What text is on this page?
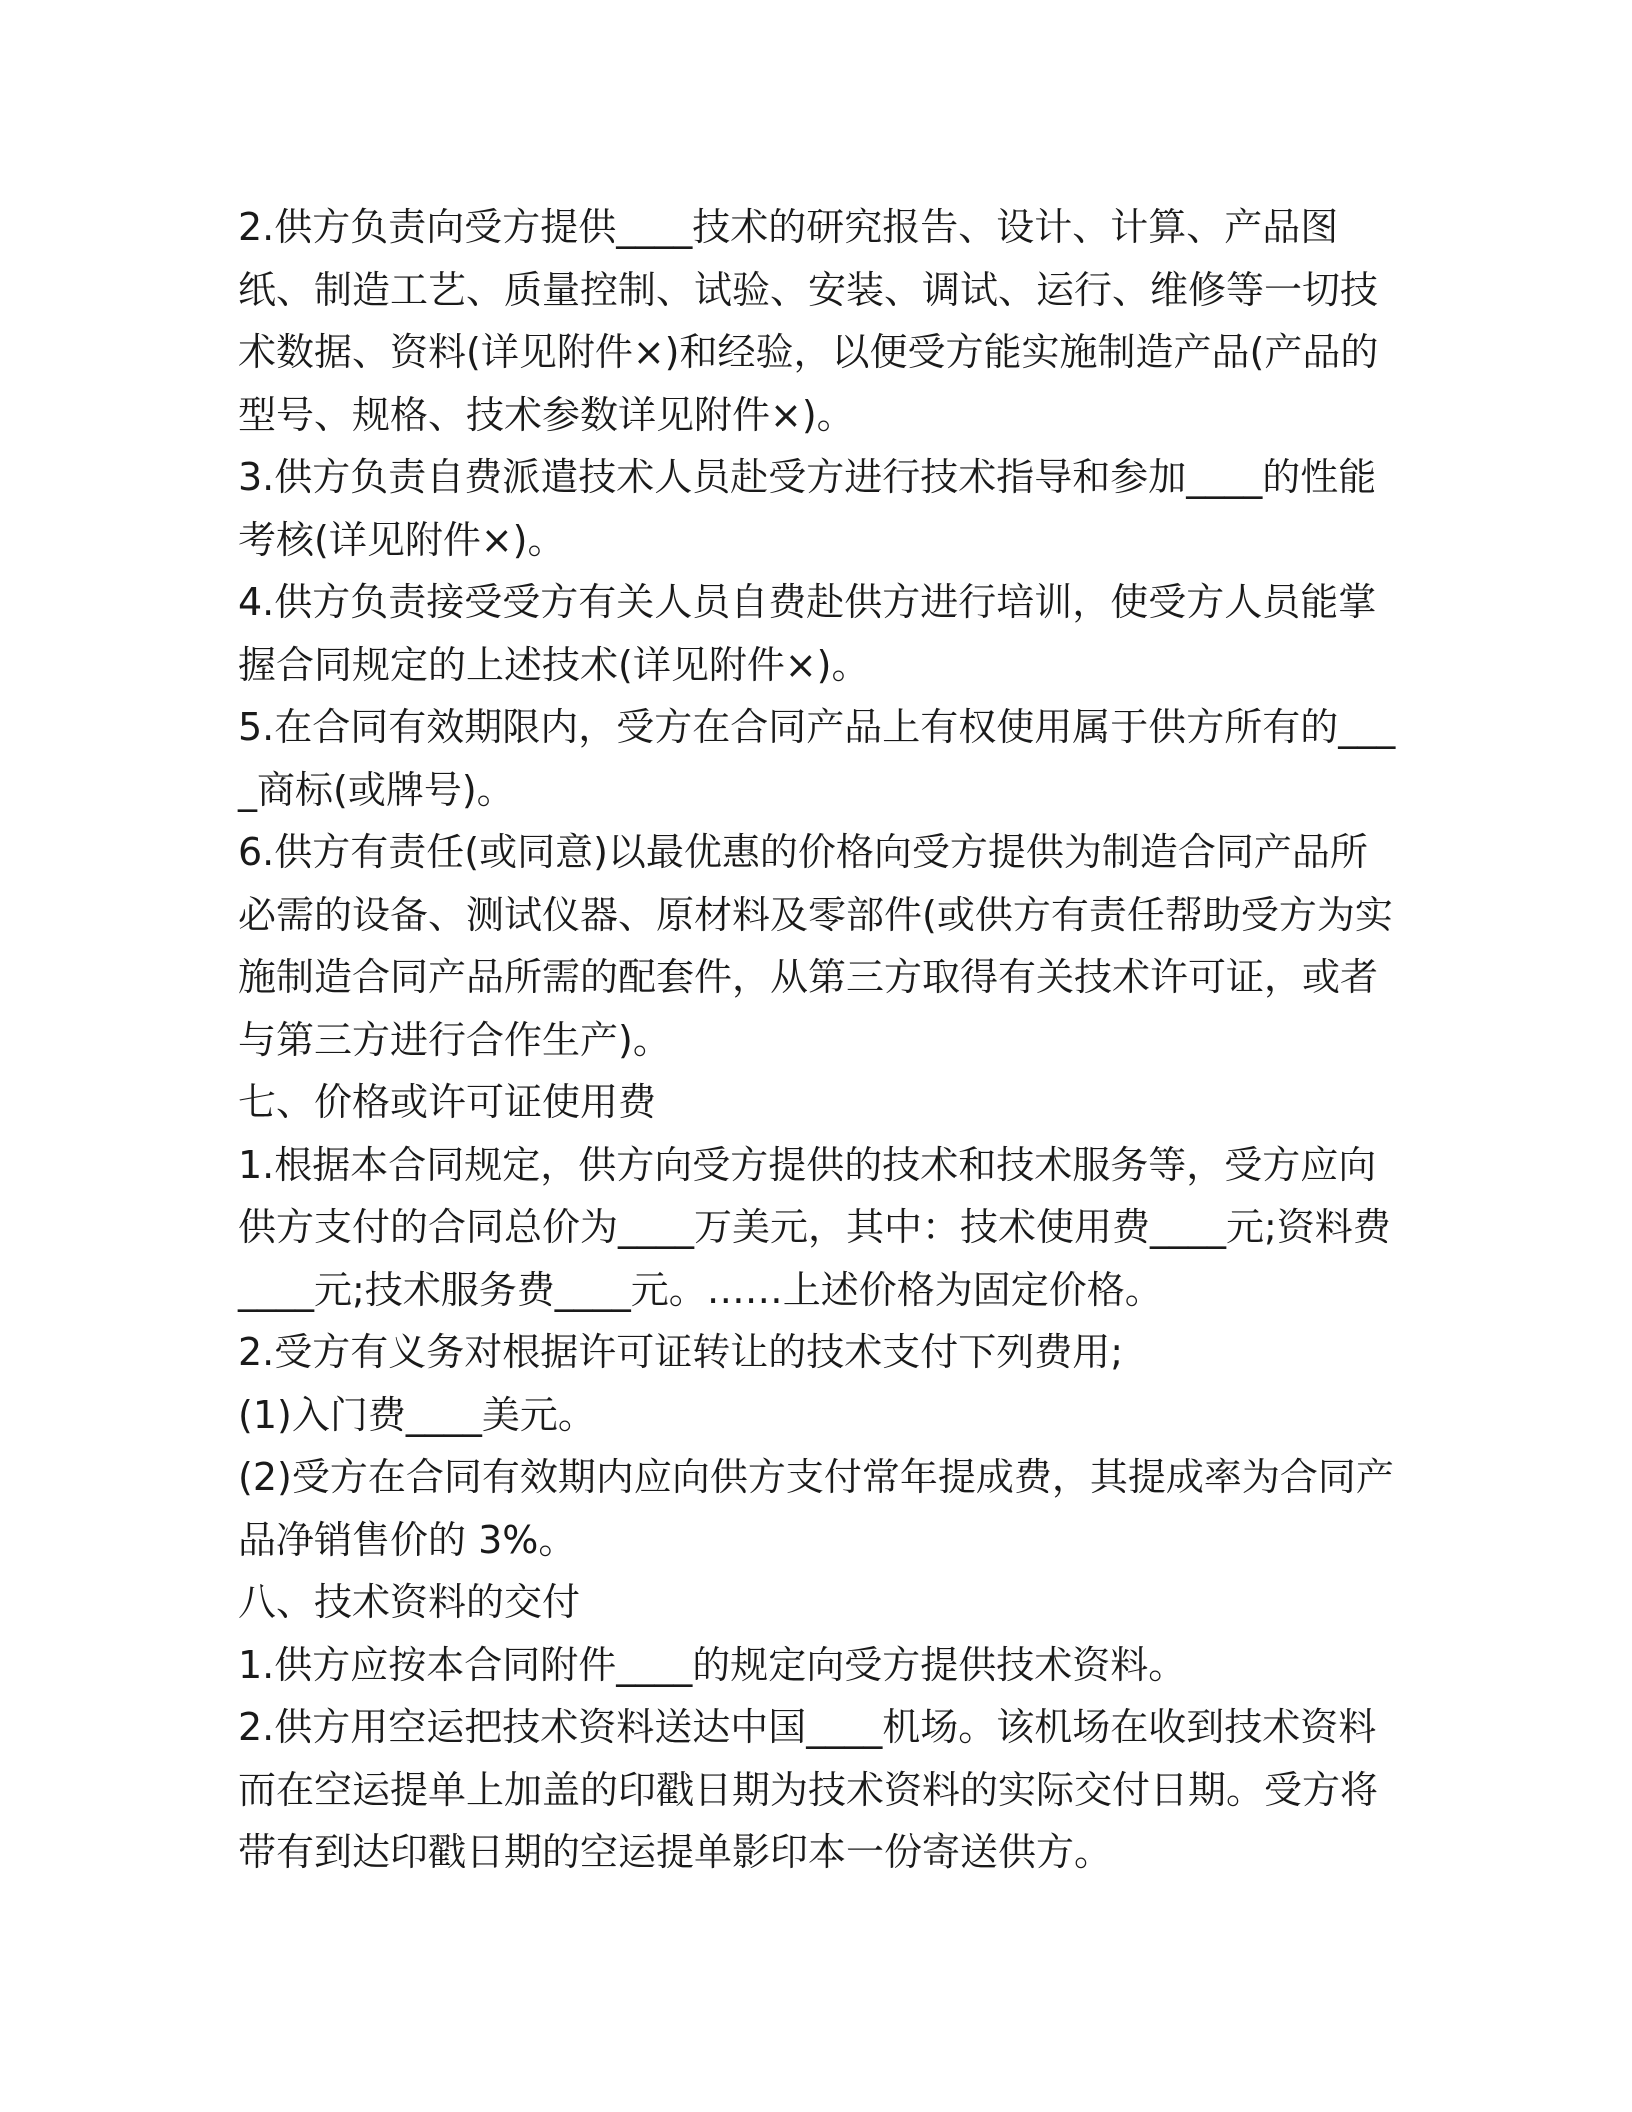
2.供方负责向受方提供____技术的研究报告、设计、计算、产品图纸、制造工艺、质量控制、试验、安装、调试、运行、维修等一切技术数据、资料(详见附件×)和经验，以便受方能实施制造产品(产品的型号、规格、技术参数详见附件×)。

3.供方负责自费派遣技术人员赴受方进行技术指导和参加____的性能考核(详见附件×)。

4.供方负责接受受方有关人员自费赴供方进行培训，使受方人员能掌握合同规定的上述技术(详见附件×)。

5.在合同有效期限内，受方在合同产品上有权使用属于供方所有的____商标(或牌号)。

6.供方有责任(或同意)以最优惠的价格向受方提供为制造合同产品所必需的设备、测试仪器、原材料及零部件(或供方有责任帮助受方为实施制造合同产品所需的配套件，从第三方取得有关技术许可证，或者与第三方进行合作生产)。

七、价格或许可证使用费

1.根据本合同规定，供方向受方提供的技术和技术服务等，受方应向供方支付的合同总价为____万美元，其中：技术使用费____元;资料费____元;技术服务费____元。……上述价格为固定价格。

2.受方有义务对根据许可证转让的技术支付下列费用;

(1)入门费____美元。

(2)受方在合同有效期内应向供方支付常年提成费，其提成率为合同产品净销售价的 3%。

八、技术资料的交付

1.供方应按本合同附件____的规定向受方提供技术资料。

2.供方用空运把技术资料送达中国____机场。该机场在收到技术资料而在空运提单上加盖的印戳日期为技术资料的实际交付日期。受方将带有到达印戳日期的空运提单影印本一份寄送供方。
